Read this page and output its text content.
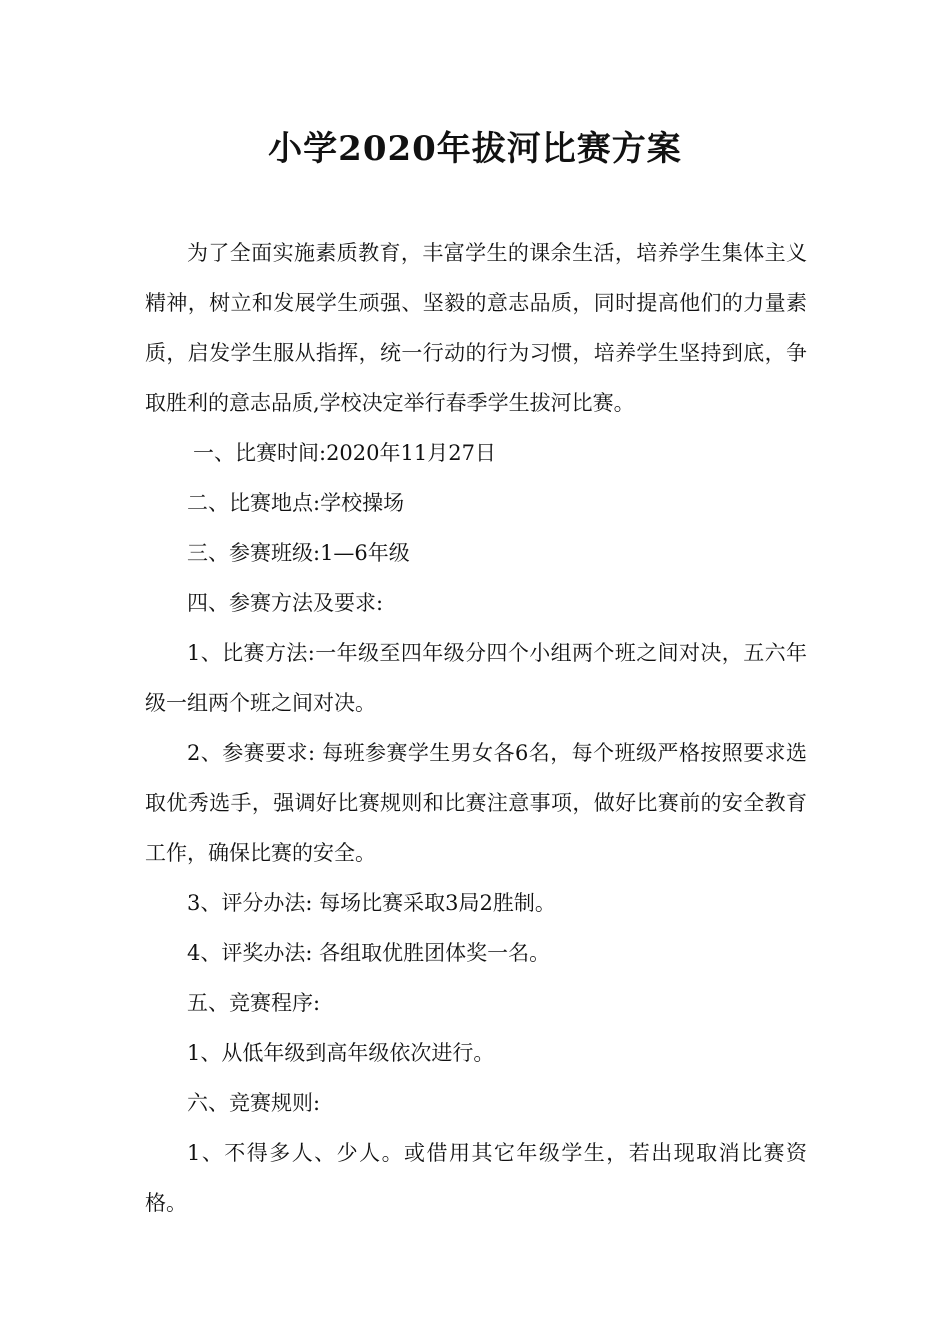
小学2020年拔河比赛方案

为了全面实施素质教育，丰富学生的课余生活，培养学生集体主义精神，树立和发展学生顽强、坚毅的意志品质，同时提高他们的力量素质，启发学生服从指挥，统一行动的行为习惯，培养学生坚持到底，争取胜利的意志品质,学校决定举行春季学生拔河比赛。

一、比赛时间:2020年11月27日

二、比赛地点:学校操场

三、参赛班级:1—6年级

四、参赛方法及要求:

1、比赛方法:一年级至四年级分四个小组两个班之间对决，五六年级一组两个班之间对决。

2、参赛要求: 每班参赛学生男女各6名，每个班级严格按照要求选取优秀选手，强调好比赛规则和比赛注意事项，做好比赛前的安全教育工作，确保比赛的安全。

3、评分办法: 每场比赛采取3局2胜制。

4、评奖办法: 各组取优胜团体奖一名。

五、竞赛程序:

1、从低年级到高年级依次进行。

六、竞赛规则:

1、不得多人、少人。或借用其它年级学生，若出现取消比赛资格。
